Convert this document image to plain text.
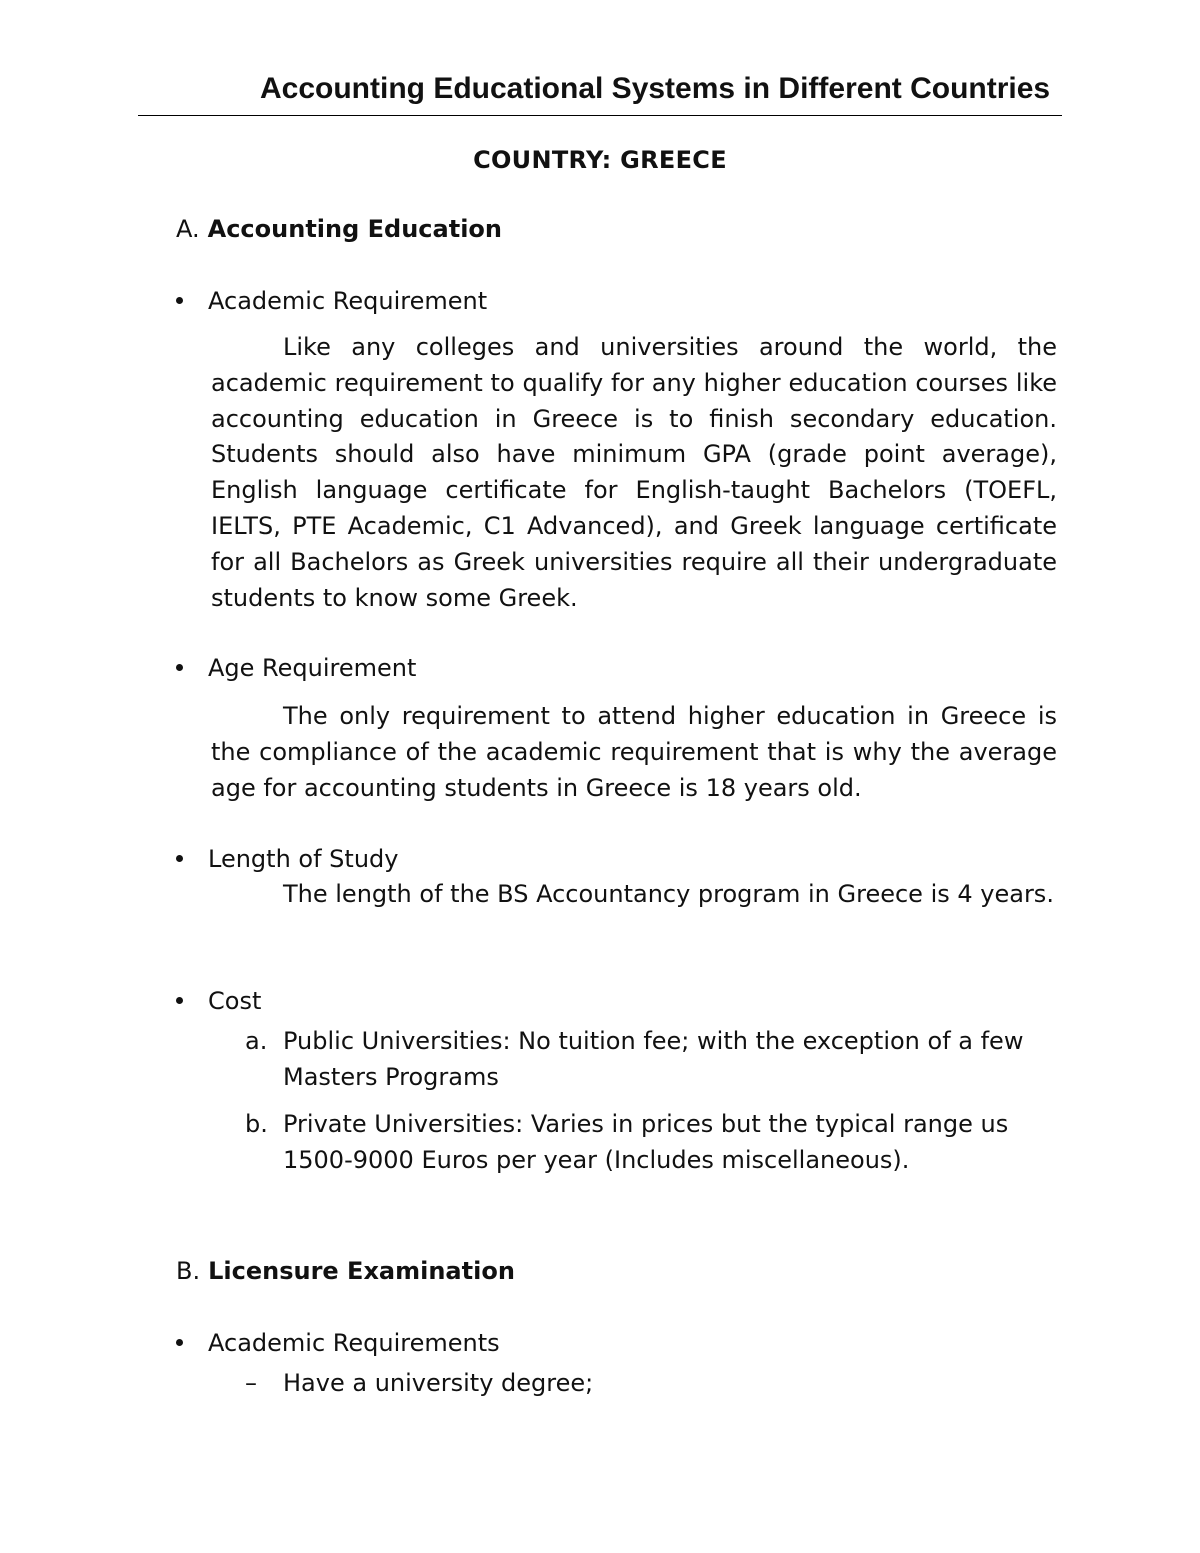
Accounting Educational Systems in Different Countries
COUNTRY: GREECE
A. Accounting Education
Academic Requirement
Like any colleges and universities around the world, the academic requirement to qualify for any higher education courses like accounting education in Greece is to finish secondary education. Students should also have minimum GPA (grade point average), English language certificate for English-taught Bachelors (TOEFL, IELTS, PTE Academic, C1 Advanced), and Greek language certificate for all Bachelors as Greek universities require all their undergraduate students to know some Greek.
Age Requirement
The only requirement to attend higher education in Greece is the compliance of the academic requirement that is why the average age for accounting students in Greece is 18 years old.
Length of Study
The length of the BS Accountancy program in Greece is 4 years.
Cost
a. Public Universities: No tuition fee; with the exception of a few Masters Programs
b. Private Universities: Varies in prices but the typical range us 1500-9000 Euros per year (Includes miscellaneous).
B. Licensure Examination
Academic Requirements
– Have a university degree;
